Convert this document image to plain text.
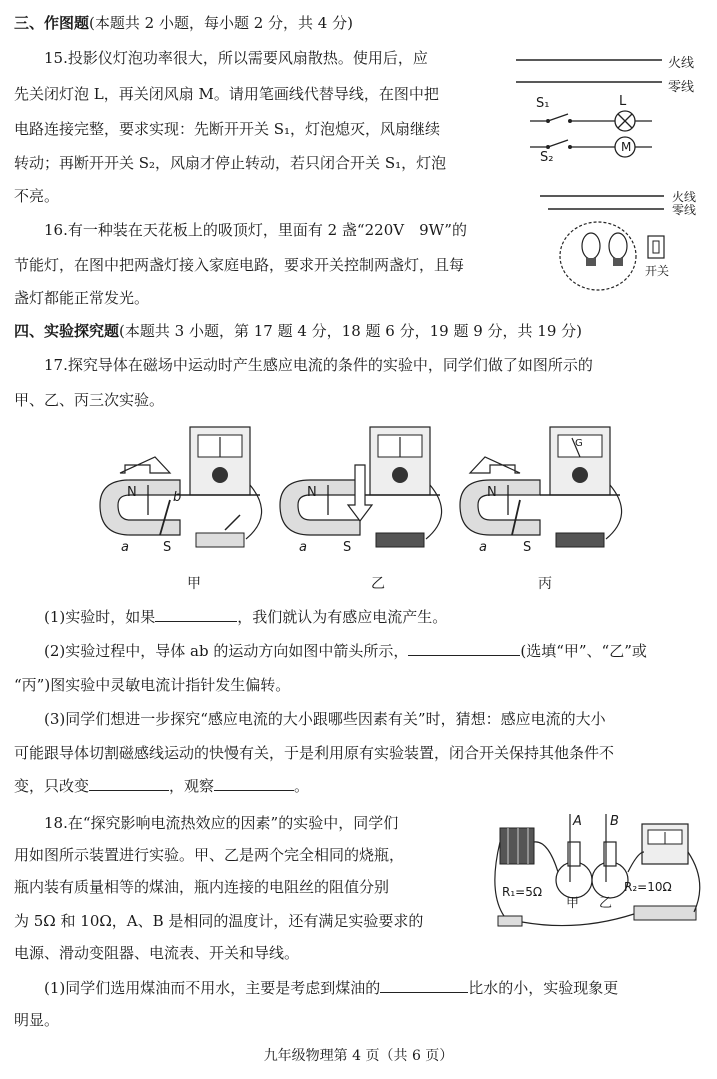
三、作图题(本题共 2 小题，每小题 2 分，共 4 分)
15.投影仪灯泡功率很大，所以需要风扇散热。使用后，应
先关闭灯泡 L，再关闭风扇 M。请用笔画线代替导线，在图中把
电路连接完整，要求实现：先断开开关 S₁，灯泡熄灭，风扇继续
转动；再断开开关 S₂，风扇才停止转动，若只闭合开关 S₁，灯泡
不亮。
火线
零线
S₁
S₂
L
M
16.有一种装在天花板上的吸顶灯，里面有 2 盏“220V　9W”的
节能灯，在图中把两盏灯接入家庭电路，要求开关控制两盏灯，且每
盏灯都能正常发光。
火线
零线
开关
四、实验探究题(本题共 3 小题，第 17 题 4 分，18 题 6 分，19 题 9 分，共 19 分)
17.探究导体在磁场中运动时产生感应电流的条件的实验中，同学们做了如图所示的
甲、乙、丙三次实验。
N
S
a
b	N
S
a
N
S
a
G
甲	乙	丙
(1)实验时，如果	，我们就认为有感应电流产生。
(2)实验过程中，导体 ab 的运动方向如图中箭头所示，	(选填“甲”、“乙”或
“丙”)图实验中灵敏电流计指针发生偏转。
(3)同学们想进一步探究“感应电流的大小跟哪些因素有关”时，猜想：感应电流的大小
可能跟导体切割磁感线运动的快慢有关，于是利用原有实验装置，闭合开关保持其他条件不
变，只改变	，观察	。
18.在“探究影响电流热效应的因素”的实验中，同学们
用如图所示装置进行实验。甲、乙是两个完全相同的烧瓶，
瓶内装有质量相等的煤油，瓶内连接的电阻丝的阻值分别
为 5Ω 和 10Ω，A、B 是相同的温度计，还有满足实验要求的
电源、滑动变阻器、电流表、开关和导线。
A B
R₁=5Ω	R₂=10Ω
甲 乙
(1)同学们选用煤油而不用水，主要是考虑到煤油的	比水的小，实验现象更
明显。
九年级物理第 4 页（共 6 页）
